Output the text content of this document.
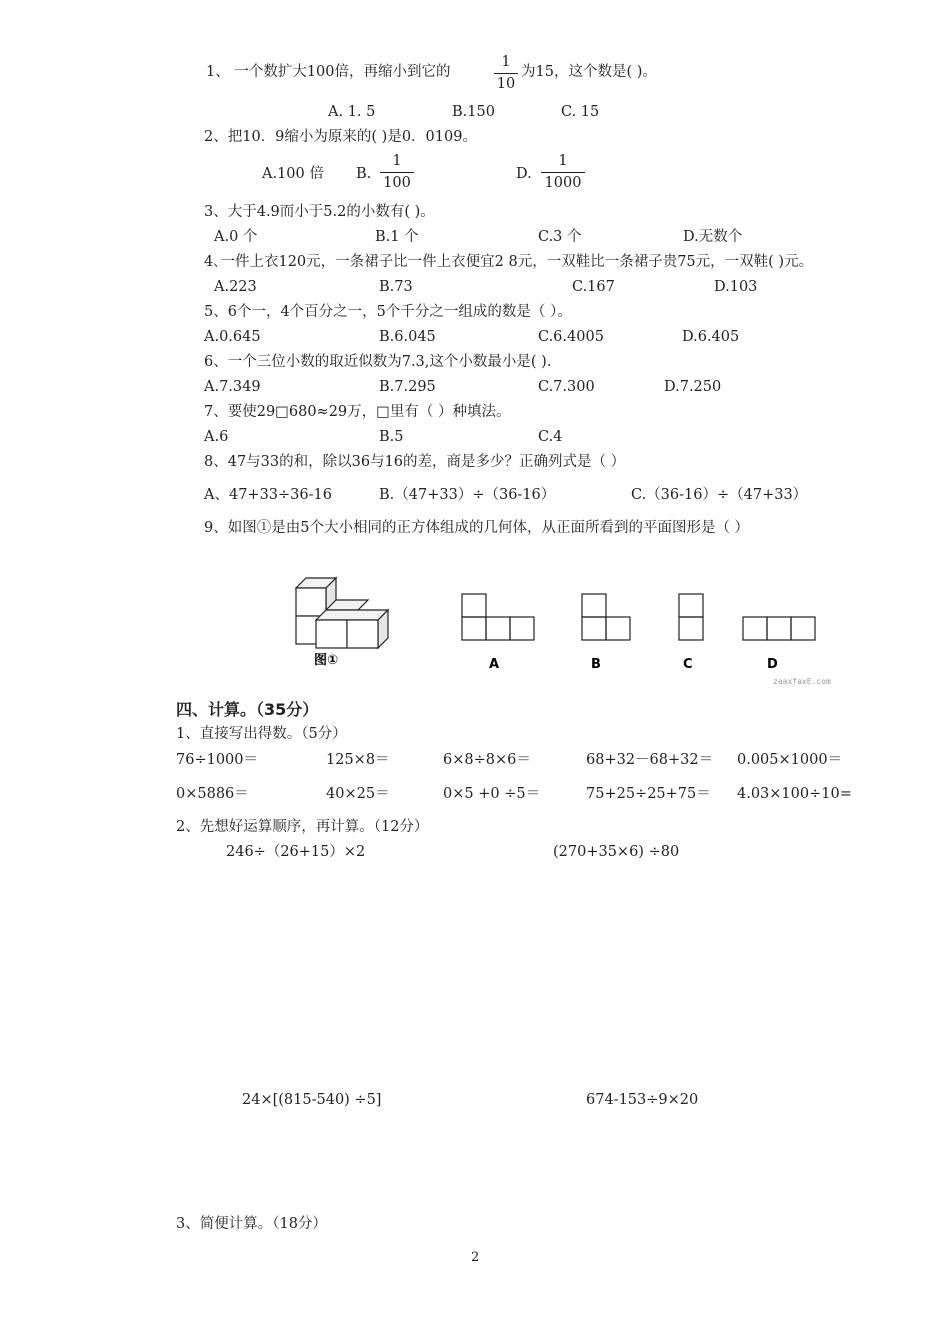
1、 一个数扩大100倍，再缩小到它的
1
10
为15，这个数是( )。
A. 1. 5	B.150	C. 15
2、把10．9缩小为原来的( )是0．0109。
A.100 倍 B.
1
100
D.
1
1000
3、大于4.9而小于5.2的小数有( )。
A.0 个	B.1 个	C.3 个	D.无数个
4､一件上衣120元，一条裙子比一件上衣便宜2 8元，一双鞋比一条裙子贵75元，一双鞋( )元。
A.223	B.73	C.167	D.103
5、6个一，4个百分之一，5个千分之一组成的数是（ ）。
A.0.645	B.6.045	C.6.4005	D.6.405
6、一个三位小数的取近似数为7.3,这个小数最小是( ).
A.7.349	B.7.295	C.7.300	D.7.250
7、要使29□680≈29万，□里有（ ）种填法。
A.6	B.5	C.4
8、47与33的和，除以36与16的差，商是多少？正确列式是（ ）
A、47+33÷36-16	B.（47+33）÷（36-16）	C.（36-16）÷（47+33）
9、如图①是由5个大小相同的正方体组成的几何体，从正面所看到的平面图形是（ ）
图①	A	B	C	D
zaaxfaxE.com
四、计算。（35分）
1、直接写出得数。（5分）
76÷1000＝	125×8＝	6×8÷8×6＝	68+32－68+32＝ 0.005×1000＝
0×5886＝	40×25＝	0×5 +0 ÷5＝	75+25÷25+75＝ 4.03×100÷10=
2、先想好运算顺序，再计算。（12分）
246÷（26+15）×2	(270+35×6) ÷80
24×[(815-540) ÷5]	674-153÷9×20
3、简便计算。（18分）
2
